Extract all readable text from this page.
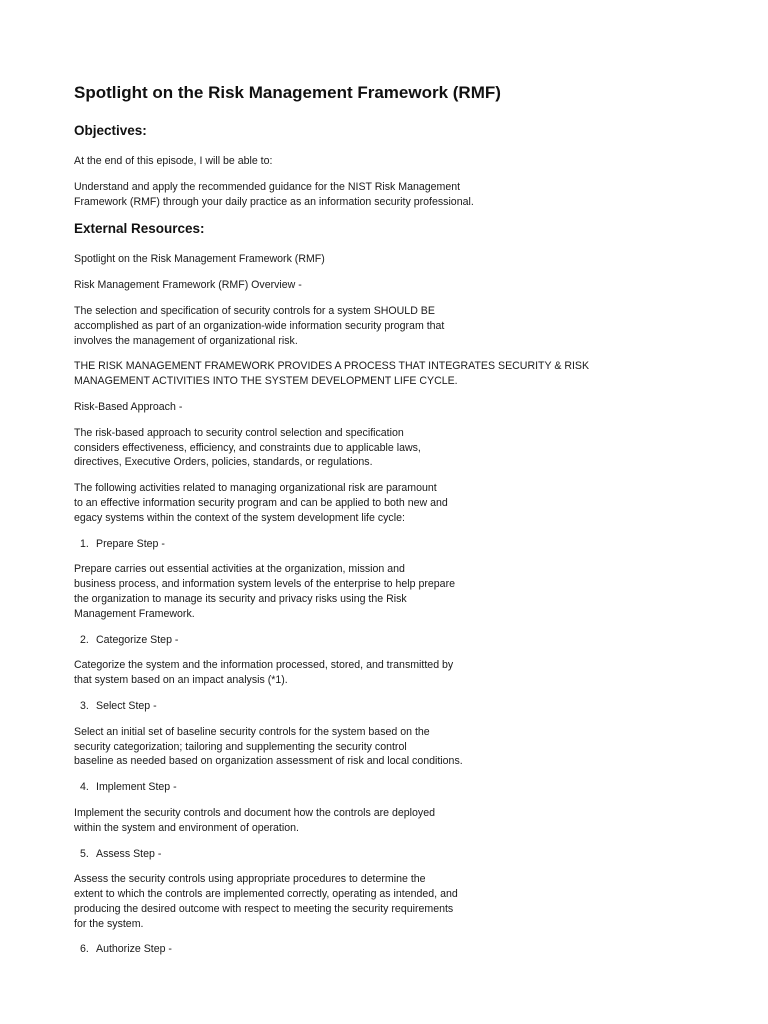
Spotlight on the Risk Management Framework (RMF)
Objectives:

At the end of this episode, I will be able to:

Understand and apply the recommended guidance for the NIST Risk Management
Framework (RMF) through your daily practice as an information security professional.

External Resources:

Spotlight on the Risk Management Framework (RMF)

Risk Management Framework (RMF) Overview -

The selection and specification of security controls for a system SHOULD BE
accomplished as part of an organization-wide information security program that
involves the management of organizational risk.

THE RISK MANAGEMENT FRAMEWORK PROVIDES A PROCESS THAT INTEGRATES SECURITY & RISK
MANAGEMENT ACTIVITIES INTO THE SYSTEM DEVELOPMENT LIFE CYCLE.

Risk-Based Approach -

The risk-based approach to security control selection and specification
considers effectiveness, efficiency, and constraints due to applicable laws,
directives, Executive Orders, policies, standards, or regulations.

The following activities related to managing organizational risk are paramount
to an effective information security program and can be applied to both new and
egacy systems within the context of the system development life cycle:

1. Prepare Step -

Prepare carries out essential activities at the organization, mission and
business process, and information system levels of the enterprise to help prepare
the organization to manage its security and privacy risks using the Risk
Management Framework.

2. Categorize Step -

Categorize the system and the information processed, stored, and transmitted by
that system based on an impact analysis (*1).

3. Select Step -

Select an initial set of baseline security controls for the system based on the
security categorization; tailoring and supplementing the security control
baseline as needed based on organization assessment of risk and local conditions.

4. Implement Step -

Implement the security controls and document how the controls are deployed
within the system and environment of operation.

5. Assess Step -

Assess the security controls using appropriate procedures to determine the
extent to which the controls are implemented correctly, operating as intended, and
producing the desired outcome with respect to meeting the security requirements
for the system.

6. Authorize Step -
